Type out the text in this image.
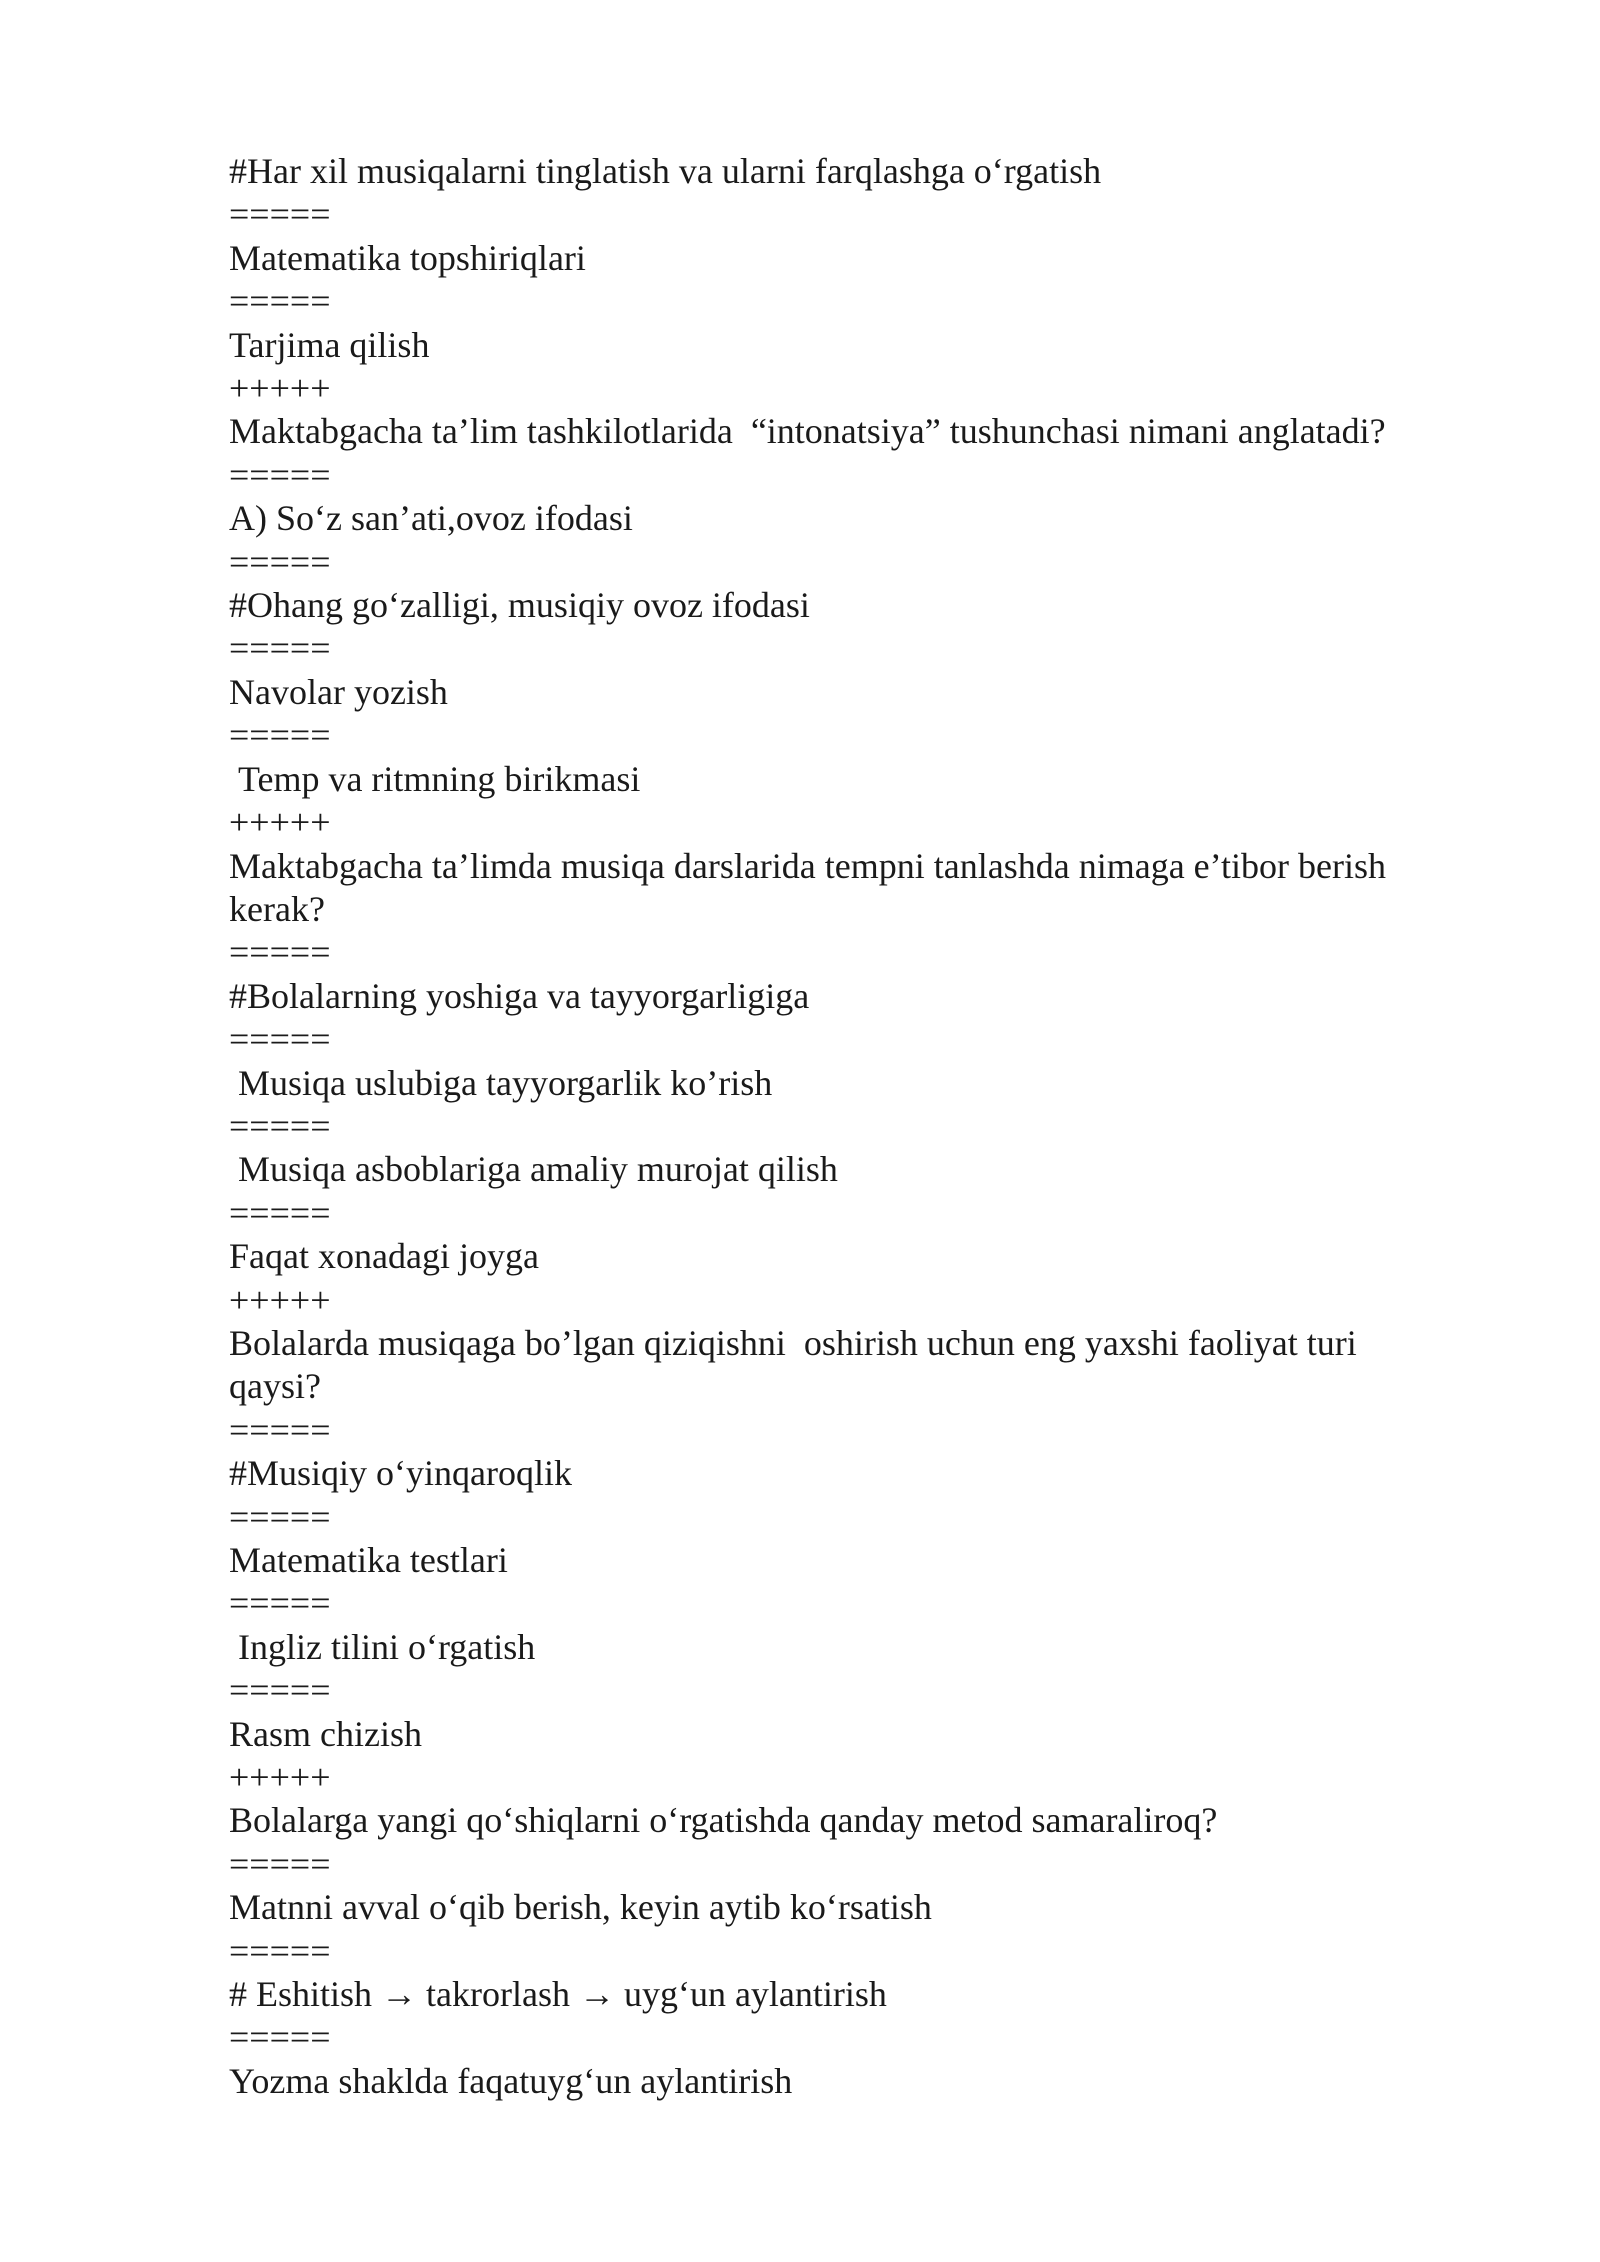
#Har xil musiqalarni tinglatish va ularni farqlashga o‘rgatish

=====

Matematika topshiriqlari

=====

Tarjima qilish

+++++

Maktabgacha ta’lim tashkilotlarida  “intonatsiya” tushunchasi nimani anglatadi?

=====

A) So‘z san’ati,ovoz ifodasi

=====

#Ohang go‘zalligi, musiqiy ovoz ifodasi

=====

Navolar yozish

=====

Temp va ritmning birikmasi

+++++

Maktabgacha ta’limda musiqa darslarida tempni tanlashda nimaga e’tibor berish

kerak?

=====

#Bolalarning yoshiga va tayyorgarligiga

=====

Musiqa uslubiga tayyorgarlik ko’rish

=====

Musiqa asboblariga amaliy murojat qilish

=====

Faqat xonadagi joyga

+++++

Bolalarda musiqaga bo’lgan qiziqishni  oshirish uchun eng yaxshi faoliyat turi

qaysi?

=====

#Musiqiy o‘yinqaroqlik

=====

Matematika testlari

=====

Ingliz tilini o‘rgatish

=====

Rasm chizish

+++++

Bolalarga yangi qo‘shiqlarni o‘rgatishda qanday metod samaraliroq?

=====

Matnni avval o‘qib berish, keyin aytib ko‘rsatish

=====

# Eshitish → takrorlash → uyg‘un aylantirish

=====

Yozma shaklda faqatuyg‘un aylantirish
